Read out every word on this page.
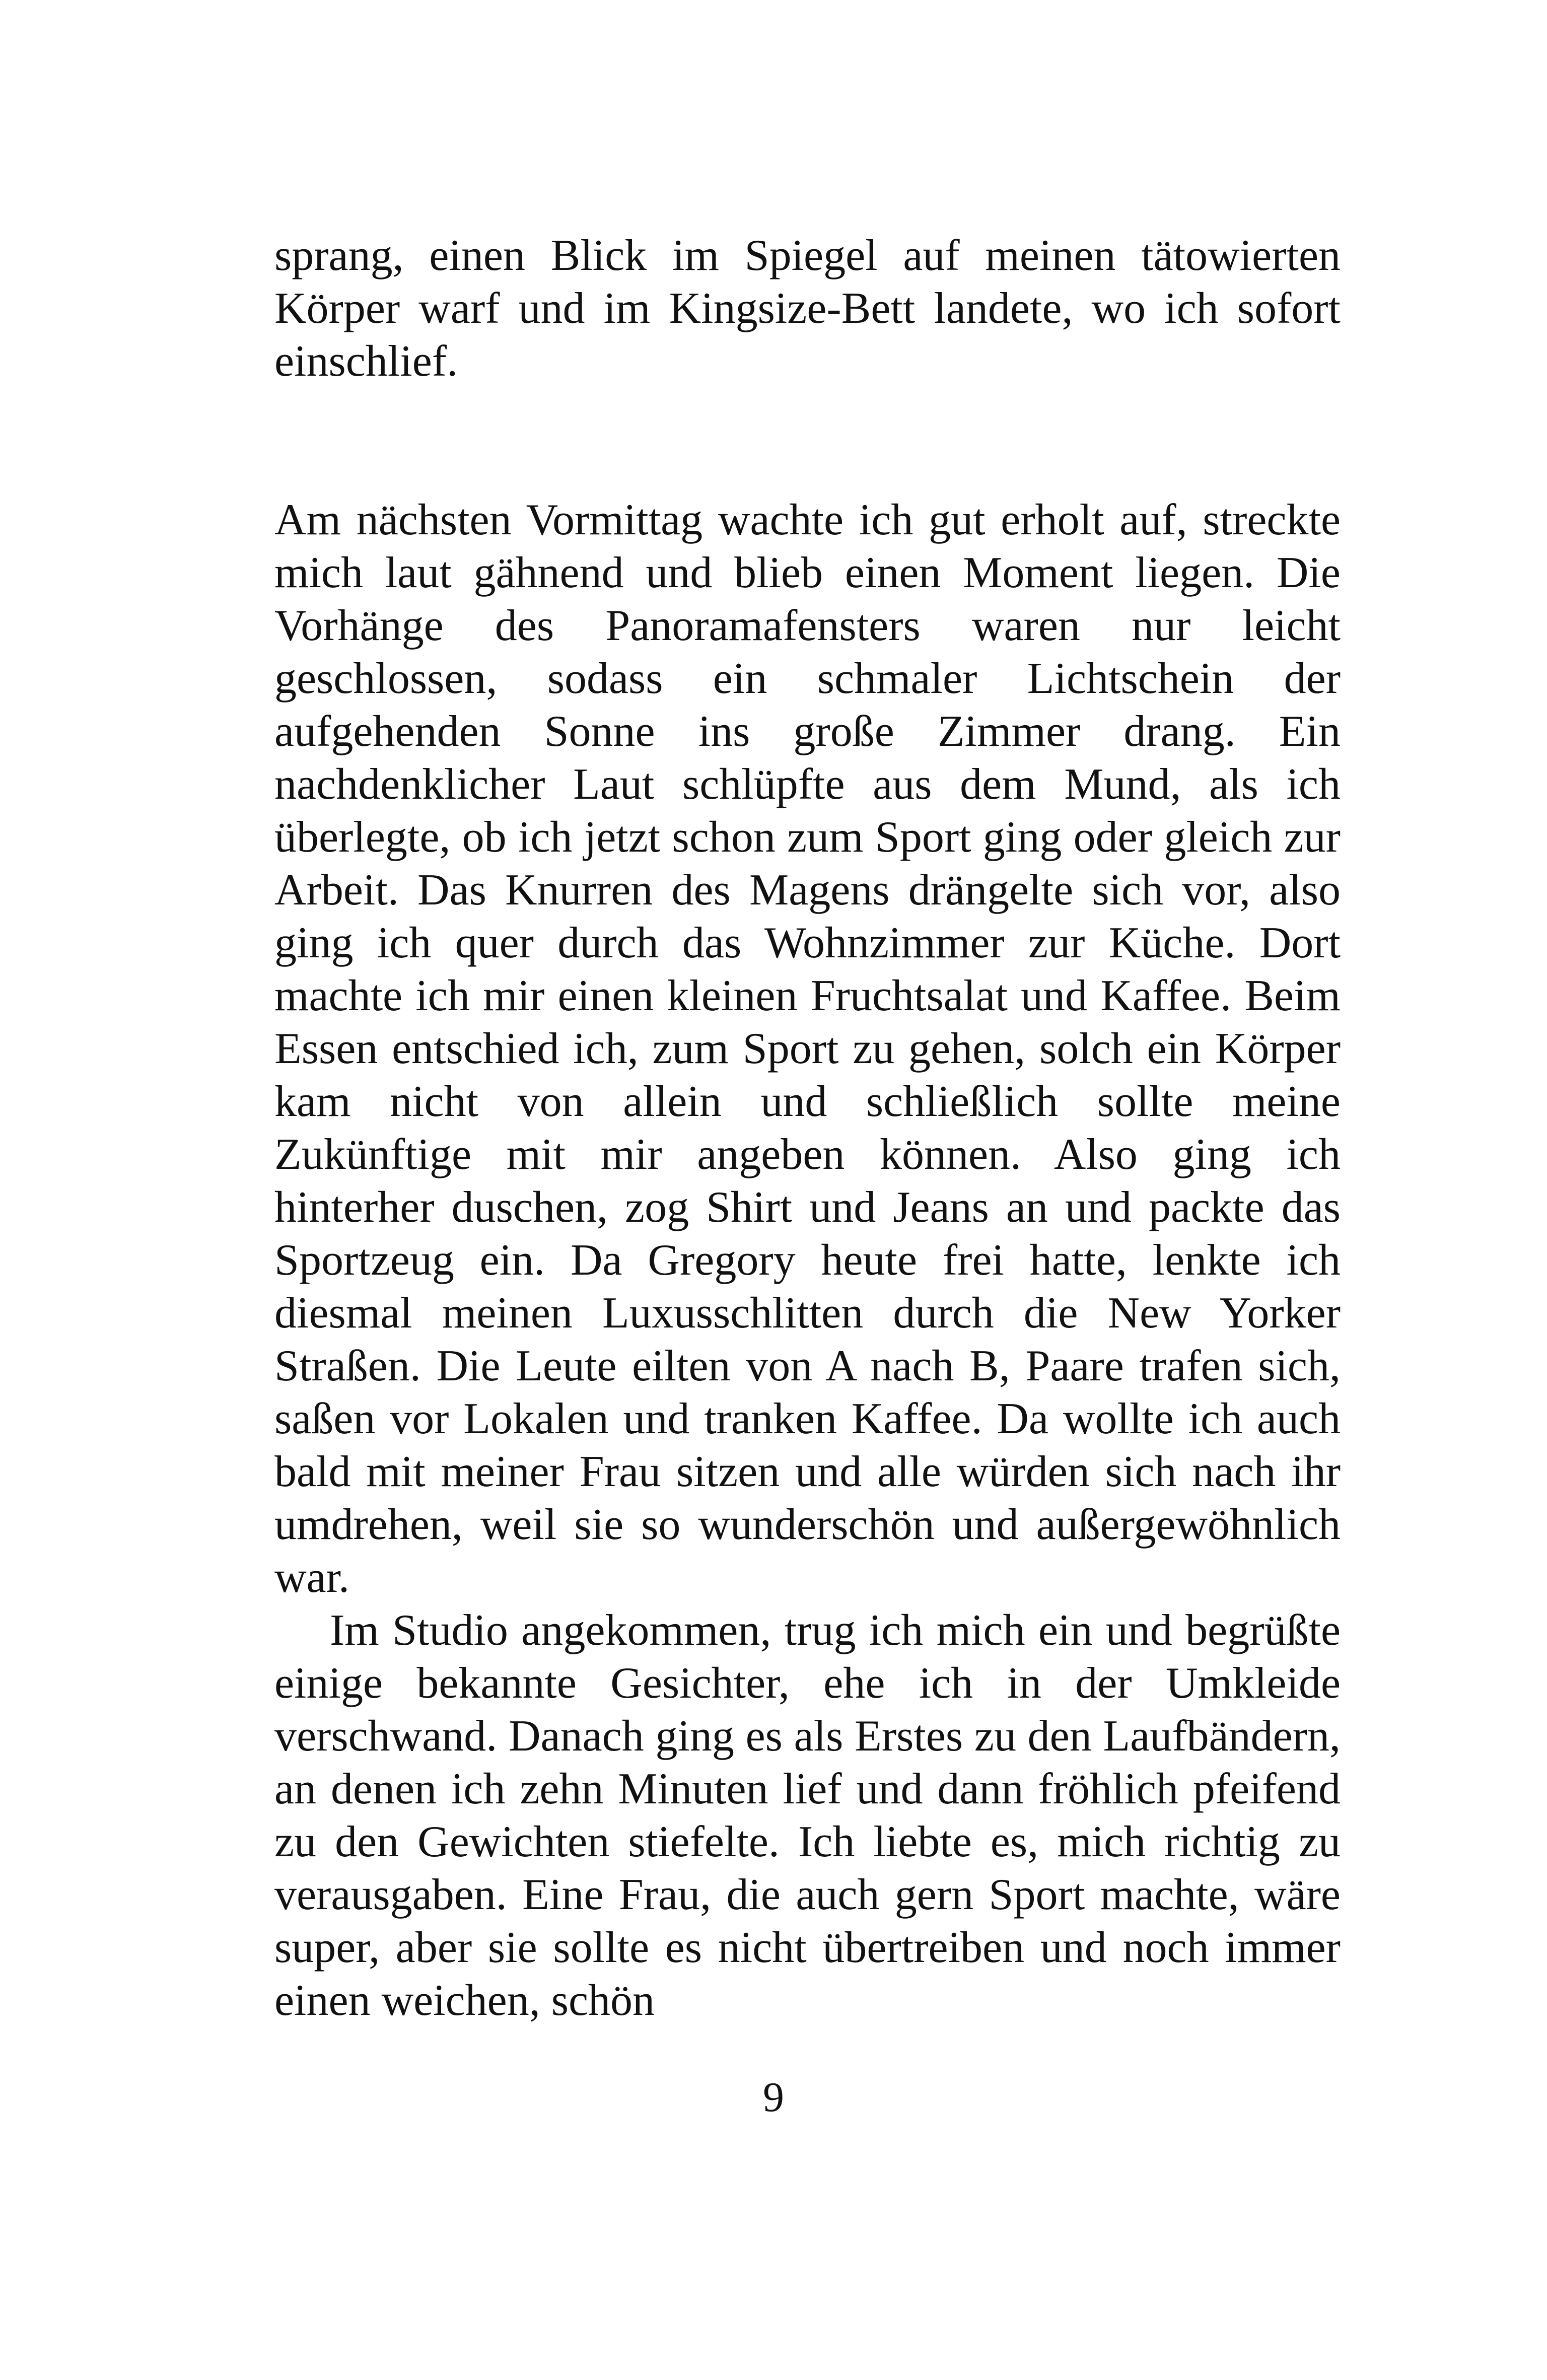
sprang, einen Blick im Spiegel auf meinen tätowierten Körper warf und im Kingsize-Bett landete, wo ich sofort einschlief.

Am nächsten Vormittag wachte ich gut erholt auf, streckte mich laut gähnend und blieb einen Moment liegen. Die Vorhänge des Panoramafensters waren nur leicht geschlossen, sodass ein schmaler Lichtschein der aufgehenden Sonne ins große Zimmer drang. Ein nachdenklicher Laut schlüpfte aus dem Mund, als ich überlegte, ob ich jetzt schon zum Sport ging oder gleich zur Arbeit. Das Knurren des Magens drängelte sich vor, also ging ich quer durch das Wohnzimmer zur Küche. Dort machte ich mir einen kleinen Fruchtsalat und Kaffee. Beim Essen entschied ich, zum Sport zu gehen, solch ein Körper kam nicht von allein und schließlich sollte meine Zukünftige mit mir angeben können. Also ging ich hinterher duschen, zog Shirt und Jeans an und packte das Sportzeug ein. Da Gregory heute frei hatte, lenkte ich diesmal meinen Luxusschlitten durch die New Yorker Straßen. Die Leute eilten von A nach B, Paare trafen sich, saßen vor Lokalen und tranken Kaffee. Da wollte ich auch bald mit meiner Frau sitzen und alle würden sich nach ihr umdrehen, weil sie so wunderschön und außergewöhnlich war.

Im Studio angekommen, trug ich mich ein und begrüßte einige bekannte Gesichter, ehe ich in der Umkleide verschwand. Danach ging es als Erstes zu den Laufbändern, an denen ich zehn Minuten lief und dann fröhlich pfeifend zu den Gewichten stiefelte. Ich liebte es, mich richtig zu verausgaben. Eine Frau, die auch gern Sport machte, wäre super, aber sie sollte es nicht übertreiben und noch immer einen weichen, schön

9
